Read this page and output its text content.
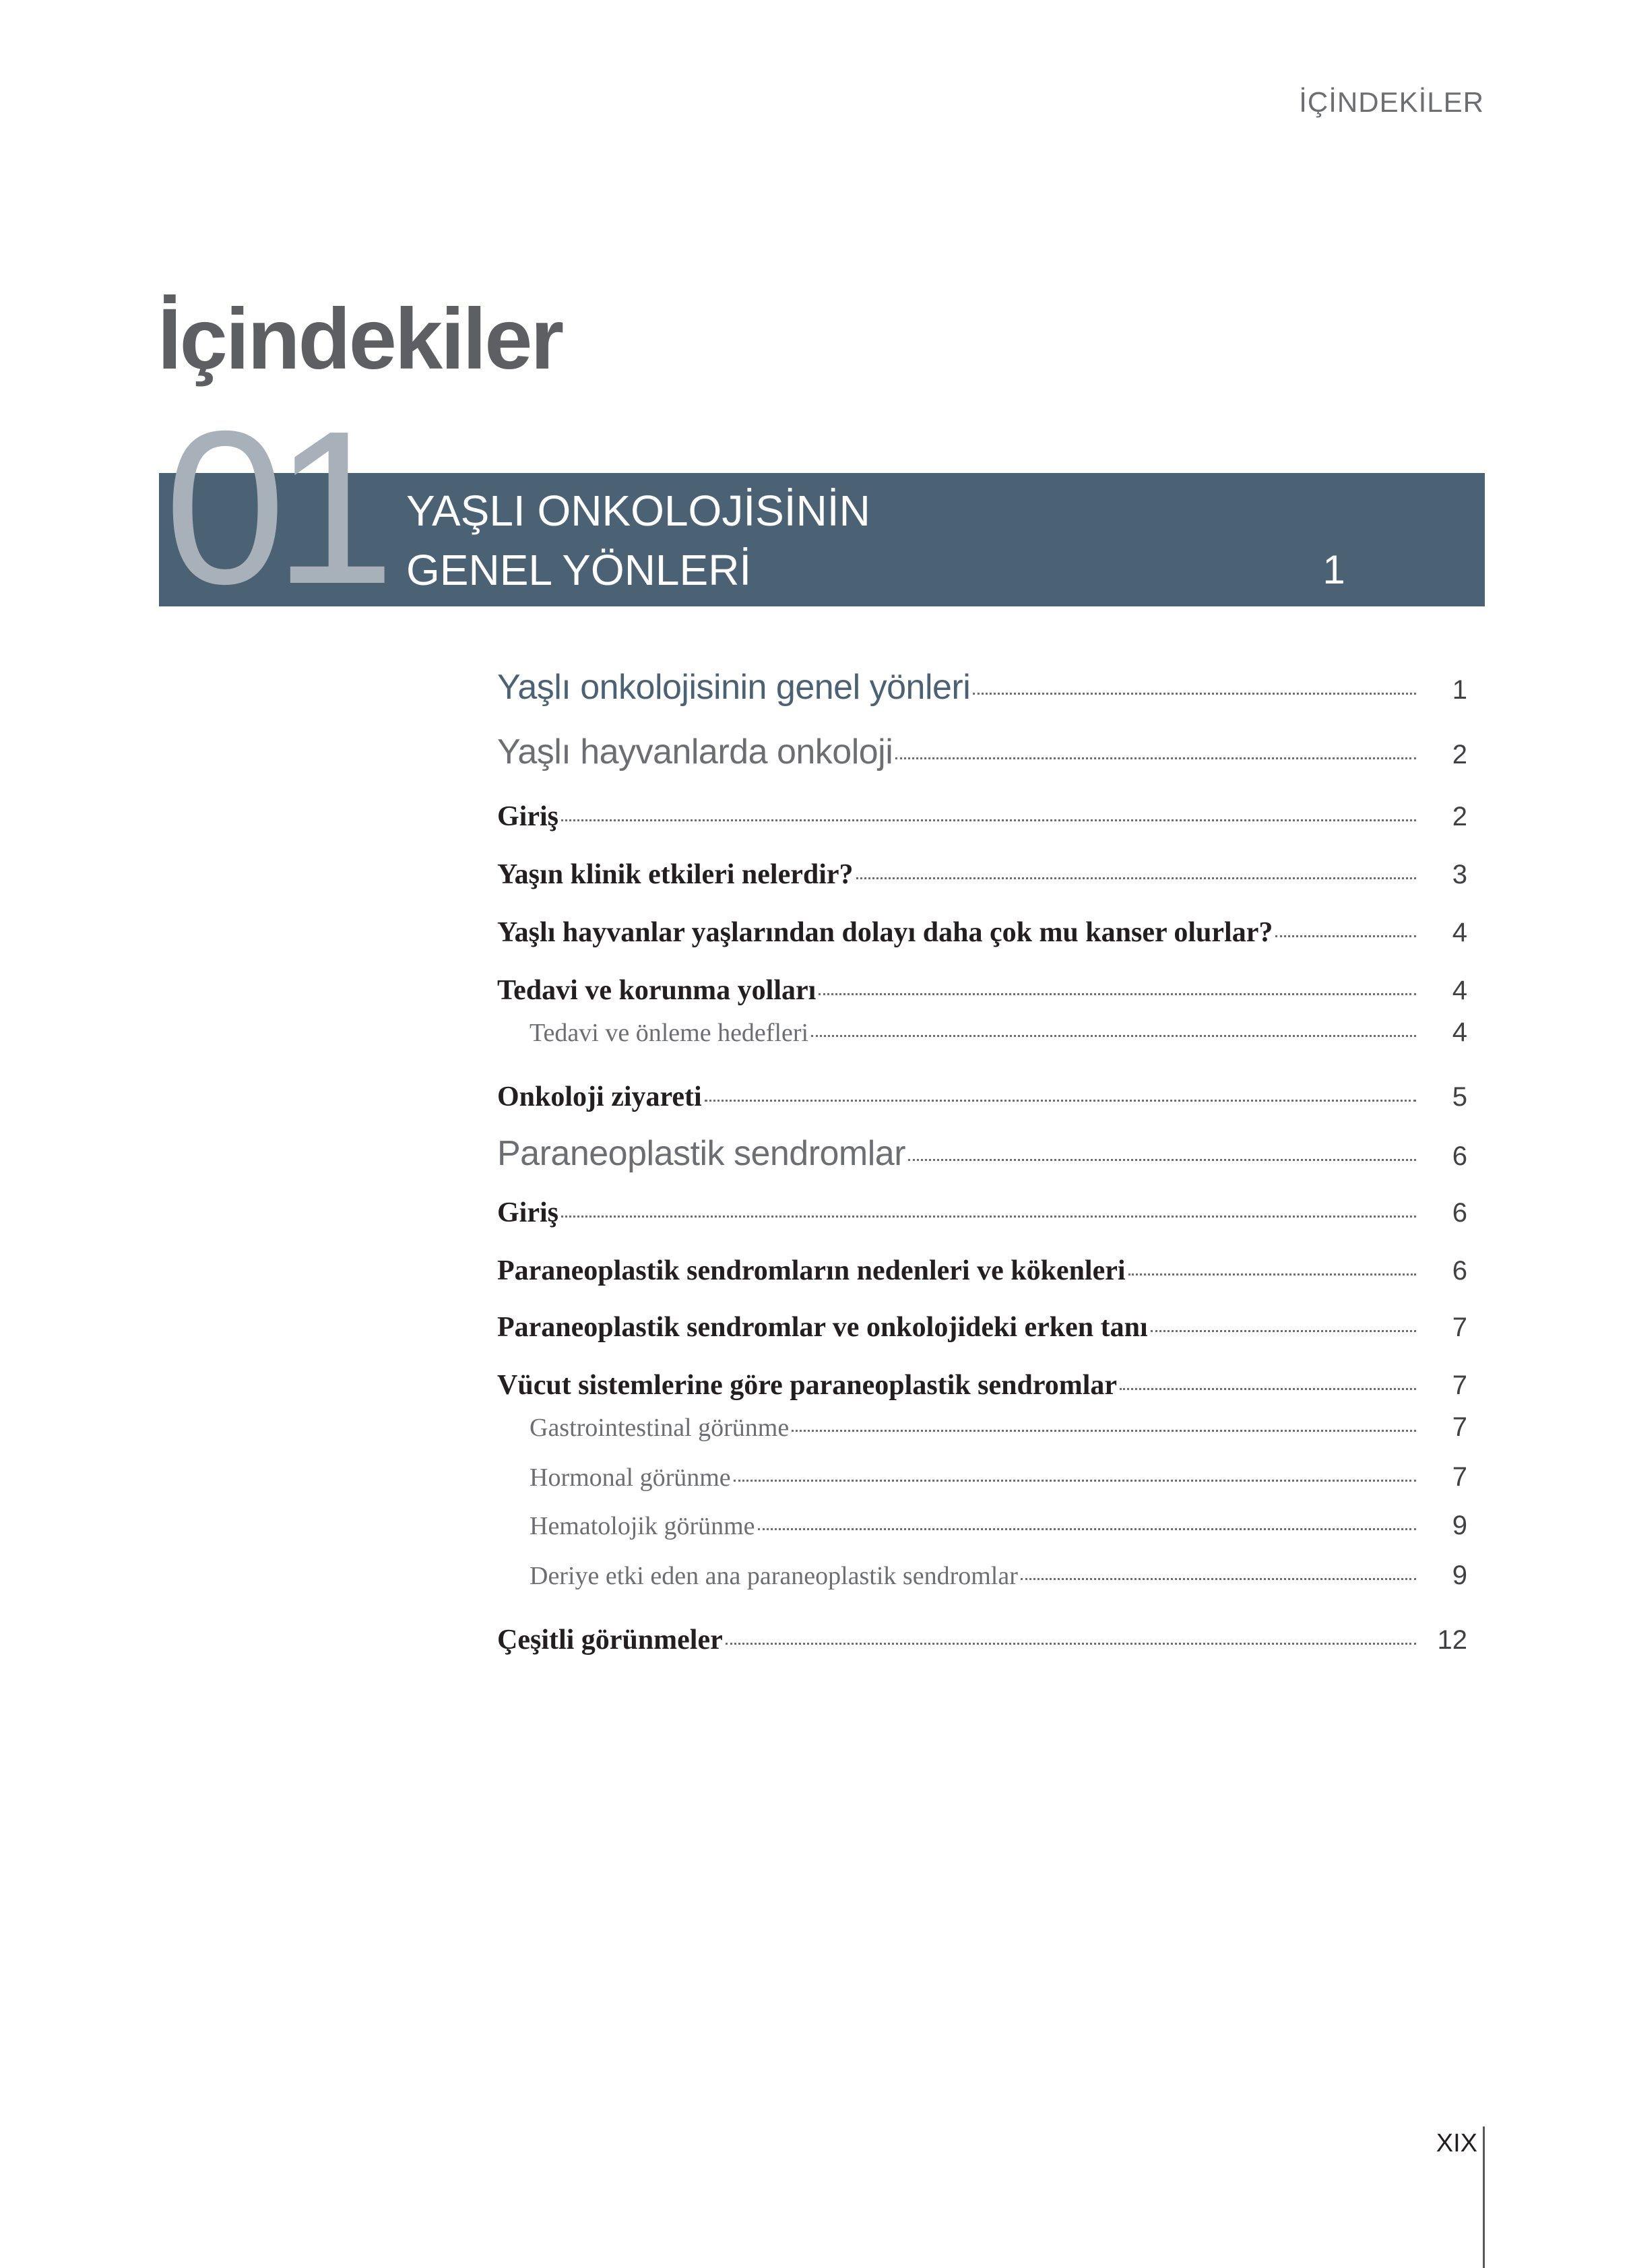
İÇİNDEKİLER
İçindekiler
01 YAŞLI ONKOLOJİSİNİN
GENEL YÖNLERİ	1
Yaşlı onkolojisinin genel yönleri	1
Yaşlı hayvanlarda onkoloji	2
Giriş	2
Yaşın klinik etkileri nelerdir?	3
Yaşlı hayvanlar yaşlarından dolayı daha çok mu kanser olurlar?	4
Tedavi ve korunma yolları	4
Tedavi ve önleme hedefleri	4
Onkoloji ziyareti	5
Paraneoplastik sendromlar	6
Giriş	6
Paraneoplastik sendromların nedenleri ve kökenleri	6
Paraneoplastik sendromlar ve onkolojideki erken tanı	7
Vücut sistemlerine göre paraneoplastik sendromlar	7
Gastrointestinal görünme	7
Hormonal görünme	7
Hematolojik görünme	9
Deriye etki eden ana paraneoplastik sendromlar	9
Çeşitli görünmeler	12
XIX
